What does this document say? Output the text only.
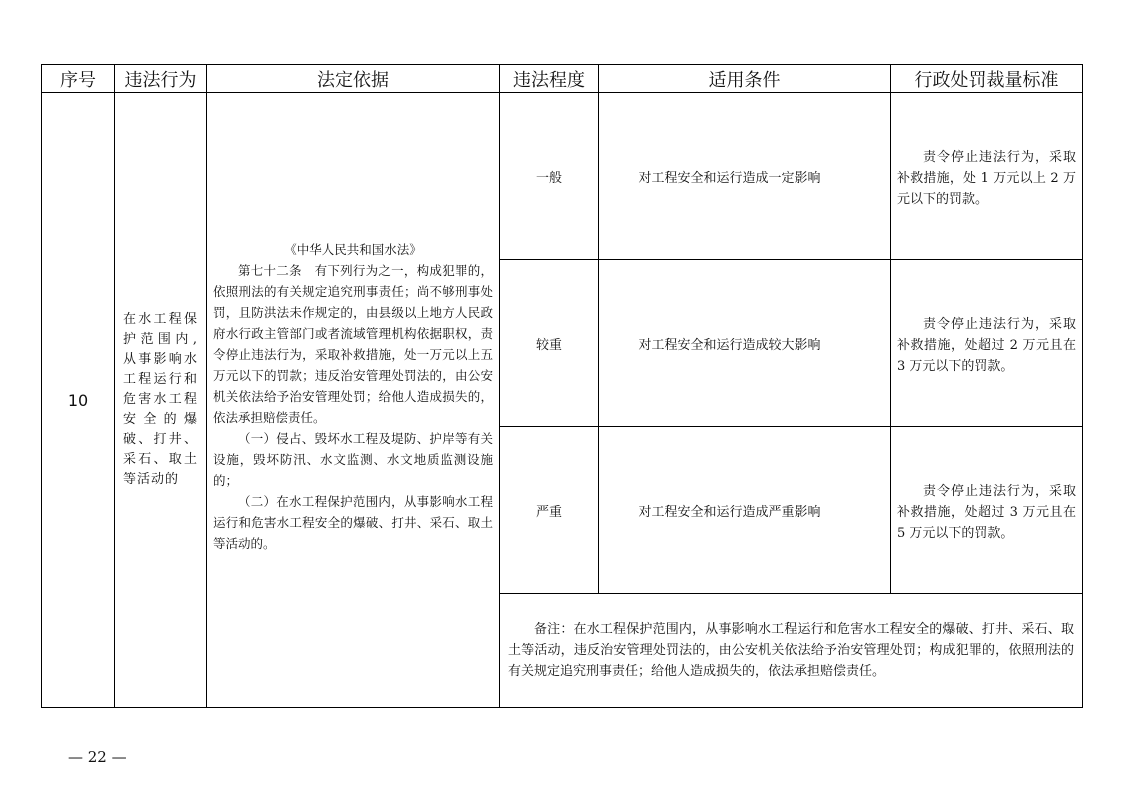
序号	违法行为	法定依据	违法程度	适用条件	行政处罚裁量标准
10	在水工程保护范围内,从事影响水工程运行和危害水工程安全的爆破、打井、采石、取土等活动的	《中华人民共和国水法》

第七十二条　有下列行为之一，构成犯罪的，依照刑法的有关规定追究刑事责任；尚不够刑事处罚，且防洪法未作规定的，由县级以上地方人民政府水行政主管部门或者流域管理机构依据职权，责令停止违法行为，采取补救措施，处一万元以上五万元以下的罚款；违反治安管理处罚法的，由公安机关依法给予治安管理处罚；给他人造成损失的，依法承担赔偿责任。

（一）侵占、毁坏水工程及堤防、护岸等有关设施，毁坏防汛、水文监测、水文地质监测设施的；

（二）在水工程保护范围内，从事影响水工程运行和危害水工程安全的爆破、打井、采石、取土等活动的。	一般	对工程安全和运行造成一定影响	责令停止违法行为，采取补救措施，处 1 万元以上 2 万元以下的罚款。

			较重	对工程安全和运行造成较大影响	责令停止违法行为，采取补救措施，处超过 2 万元且在 3 万元以下的罚款。

			严重	对工程安全和运行造成严重影响	责令停止违法行为，采取补救措施，处超过 3 万元且在 5 万元以下的罚款。

			备注：在水工程保护范围内，从事影响水工程运行和危害水工程安全的爆破、打井、采石、取土等活动，违反治安管理处罚法的，由公安机关依法给予治安管理处罚；构成犯罪的，依照刑法的有关规定追究刑事责任；给他人造成损失的，依法承担赔偿责任。		

— 22 —
